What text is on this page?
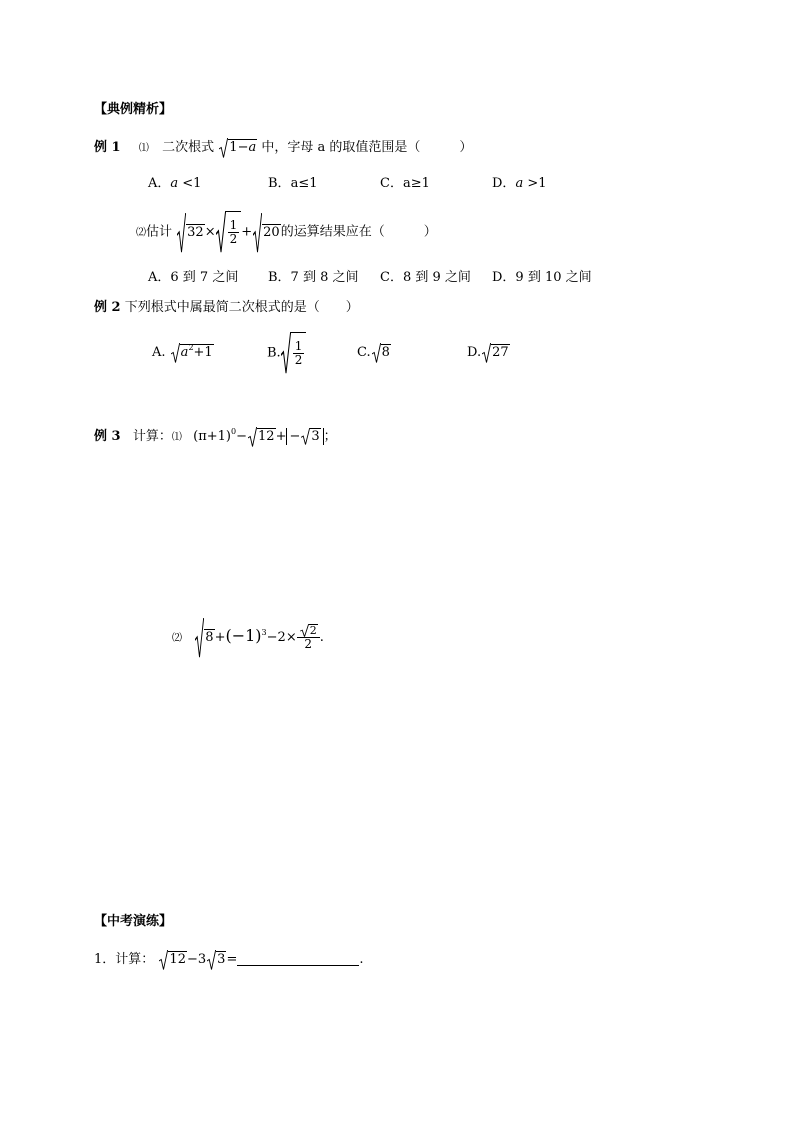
【典例精析】
例 1 ⑴ 二次根式 1−a 中，字母 a 的取值范围是（　　　）
A．a <1	B．a≤1	C．a≥1	D．a >1
⑵估计 $32\times \frac{1}{2} + 20$的运算结果应在（　　　）
A．6 到 7 之间 B．7 到 8 之间 C．8 到 9 之间 D．9 到 10 之间
例 2 下列根式中属最简二次根式的是（　　）
A. $a^2+1$	B. $\frac{1}{2}$	C. 8	D. 27
例 3 计算：⑴ $(\pi+1)^0- 12+ - 3$ ；
⑵ $8+(-1)^3-2\times \frac{2}{2}$ .
【中考演练】
1．计算： 12−3 3=	.
